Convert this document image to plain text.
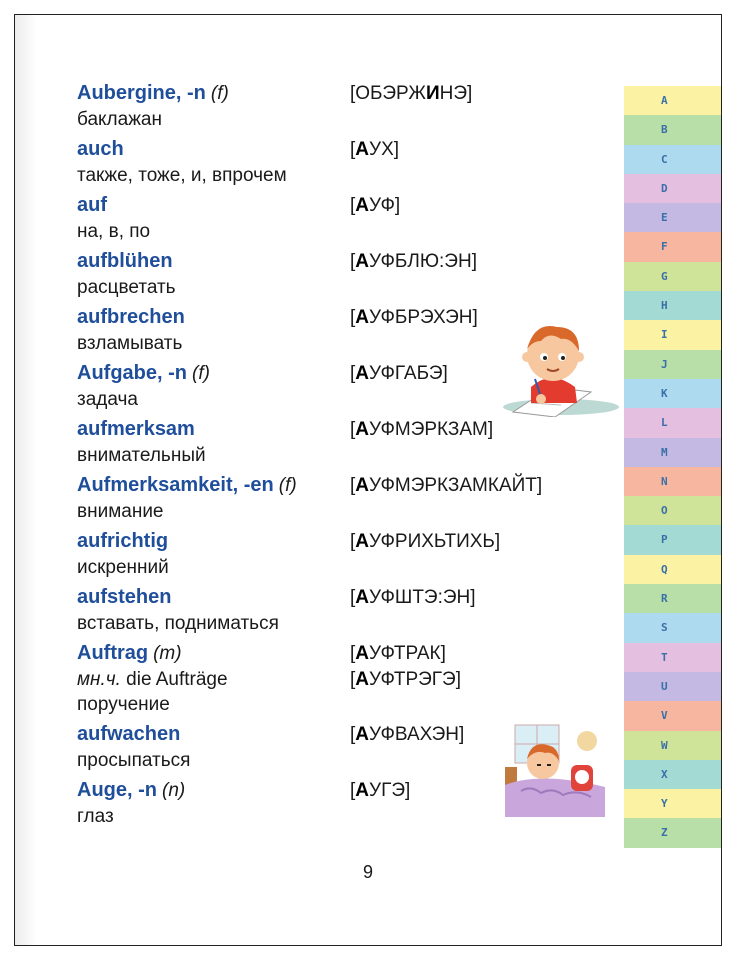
Aubergine, -n (f)	[ОБЭРЖИНЭ]
баклажан
auch	[АУХ]
также, тоже, и, впрочем
auf	[АУФ]
на, в, по
aufblühen	[АУФБЛЮ:ЭН]
расцветать
aufbrechen	[АУФБРЭХЭН]
взламывать
Aufgabe, -n (f)	[АУФГАБЭ]
задача
aufmerksam	[АУФМЭРКЗАМ]
внимательный
Aufmerksamkeit, -en (f)	[АУФМЭРКЗАМКАЙТ]
внимание
aufrichtig	[АУФРИХЬТИХЬ]
искренний
aufstehen	[АУФШТЭ:ЭН]
вставать, подниматься
Auftrag (m)	[АУФТРАК]
мн.ч. die Aufträge	[АУФТРЭГЭ]
поручение
aufwachen	[АУФВАХЭН]
просыпаться
Auge, -n (n)	[АУГЭ]
глаз
A
B
C
D
E
F
G
H
I
J
K
L
M
N
O
P
Q
R
S
T
U
V
W
X
Y
Z
9
